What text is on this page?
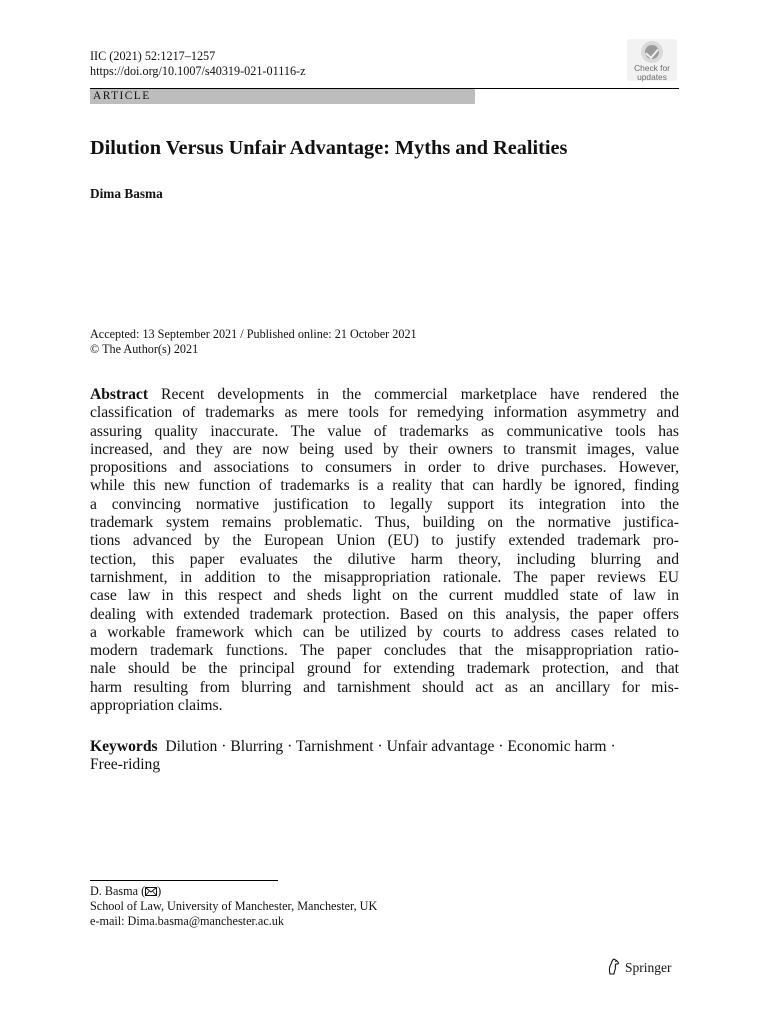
IIC (2021) 52:1217–1257
https://doi.org/10.1007/s40319-021-01116-z	Check for
updates
ARTICLE
Dilution Versus Unfair Advantage: Myths and Realities
Dima Basma
Accepted: 13 September 2021 / Published online: 21 October 2021
© The Author(s) 2021
Abstract Recent developments in the commercial marketplace have rendered the
classification of trademarks as mere tools for remedying information asymmetry and
assuring quality inaccurate. The value of trademarks as communicative tools has
increased, and they are now being used by their owners to transmit images, value
propositions and associations to consumers in order to drive purchases. However,
while this new function of trademarks is a reality that can hardly be ignored, finding
a convincing normative justification to legally support its integration into the
trademark system remains problematic. Thus, building on the normative justifica-
tions advanced by the European Union (EU) to justify extended trademark pro-
tection, this paper evaluates the dilutive harm theory, including blurring and
tarnishment, in addition to the misappropriation rationale. The paper reviews EU
case law in this respect and sheds light on the current muddled state of law in
dealing with extended trademark protection. Based on this analysis, the paper offers
a workable framework which can be utilized by courts to address cases related to
modern trademark functions. The paper concludes that the misappropriation ratio-
nale should be the principal ground for extending trademark protection, and that
harm resulting from blurring and tarnishment should act as an ancillary for mis-
appropriation claims.
Keywords Dilution · Blurring · Tarnishment · Unfair advantage · Economic harm ·
Free-riding
D. Basma ( )
School of Law, University of Manchester, Manchester, UK
e-mail: Dima.basma@manchester.ac.uk
Springer
